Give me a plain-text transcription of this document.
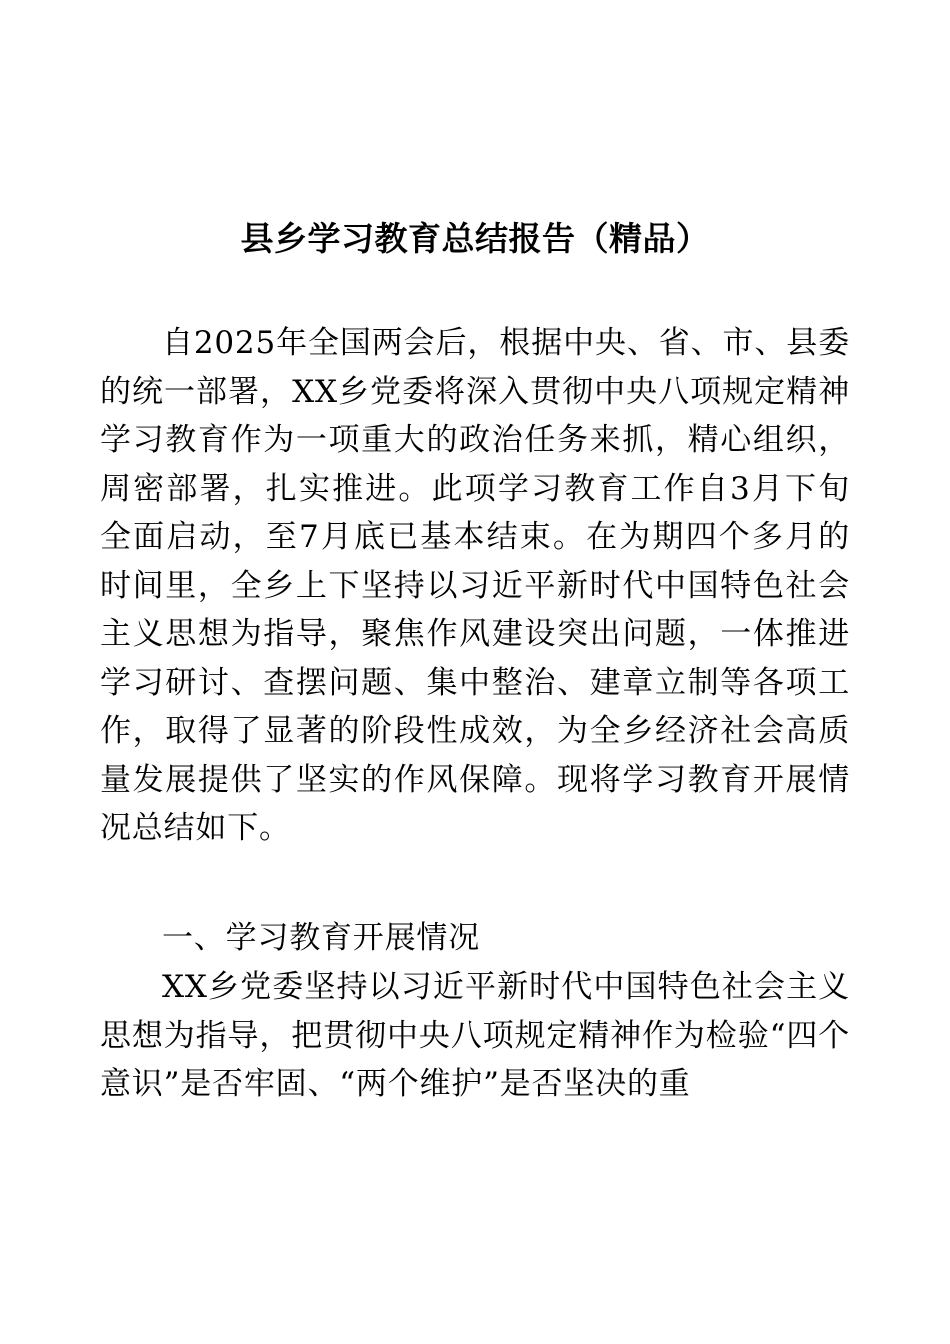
县乡学习教育总结报告（精品）

自2025年全国两会后，根据中央、省、市、县委的统一部署，XX乡党委将深入贯彻中央八项规定精神学习教育作为一项重大的政治任务来抓，精心组织，周密部署，扎实推进。此项学习教育工作自3月下旬全面启动，至7月底已基本结束。在为期四个多月的时间里，全乡上下坚持以习近平新时代中国特色社会主义思想为指导，聚焦作风建设突出问题，一体推进学习研讨、查摆问题、集中整治、建章立制等各项工作，取得了显著的阶段性成效，为全乡经济社会高质量发展提供了坚实的作风保障。现将学习教育开展情况总结如下。

一、学习教育开展情况

XX乡党委坚持以习近平新时代中国特色社会主义思想为指导，把贯彻中央八项规定精神作为检验“四个意识”是否牢固、“两个维护”是否坚决的重
